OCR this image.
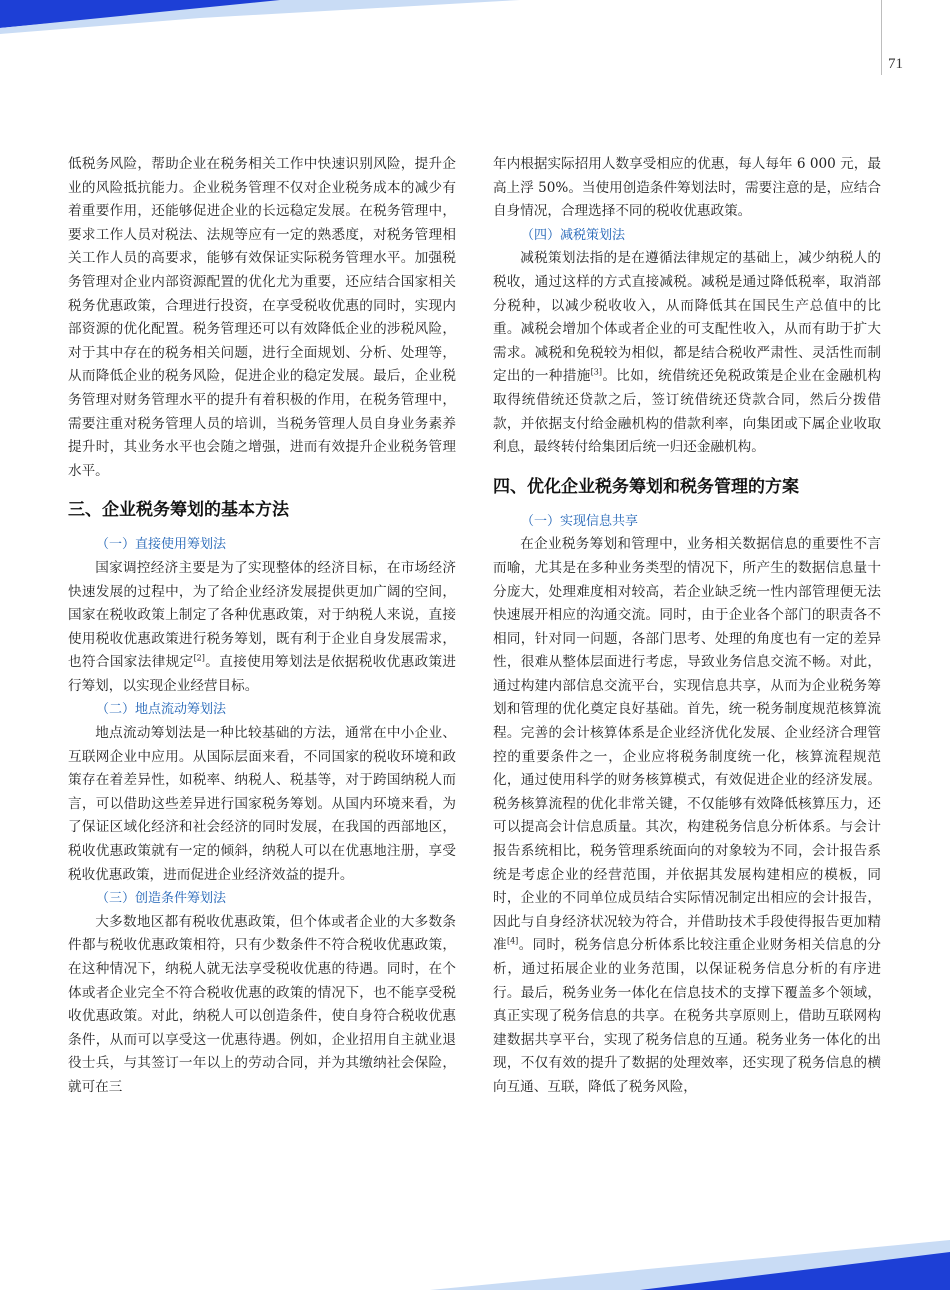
71

低税务风险，帮助企业在税务相关工作中快速识别风险，提升企业的风险抵抗能力。企业税务管理不仅对企业税务成本的减少有着重要作用，还能够促进企业的长远稳定发展。在税务管理中，要求工作人员对税法、法规等应有一定的熟悉度，对税务管理相关工作人员的高要求，能够有效保证实际税务管理水平。加强税务管理对企业内部资源配置的优化尤为重要，还应结合国家相关税务优惠政策，合理进行投资，在享受税收优惠的同时，实现内部资源的优化配置。税务管理还可以有效降低企业的涉税风险，对于其中存在的税务相关问题，进行全面规划、分析、处理等，从而降低企业的税务风险，促进企业的稳定发展。最后，企业税务管理对财务管理水平的提升有着积极的作用，在税务管理中，需要注重对税务管理人员的培训，当税务管理人员自身业务素养提升时，其业务水平也会随之增强，进而有效提升企业税务管理水平。

三、企业税务筹划的基本方法
（一）直接使用筹划法

国家调控经济主要是为了实现整体的经济目标，在市场经济快速发展的过程中，为了给企业经济发展提供更加广阔的空间，国家在税收政策上制定了各种优惠政策，对于纳税人来说，直接使用税收优惠政策进行税务筹划，既有利于企业自身发展需求，也符合国家法律规定[2]。直接使用筹划法是依据税收优惠政策进行筹划，以实现企业经营目标。

（二）地点流动筹划法

地点流动筹划法是一种比较基础的方法，通常在中小企业、互联网企业中应用。从国际层面来看，不同国家的税收环境和政策存在着差异性，如税率、纳税人、税基等，对于跨国纳税人而言，可以借助这些差异进行国家税务筹划。从国内环境来看，为了保证区域化经济和社会经济的同时发展，在我国的西部地区，税收优惠政策就有一定的倾斜，纳税人可以在优惠地注册，享受税收优惠政策，进而促进企业经济效益的提升。

（三）创造条件筹划法

大多数地区都有税收优惠政策，但个体或者企业的大多数条件都与税收优惠政策相符，只有少数条件不符合税收优惠政策，在这种情况下，纳税人就无法享受税收优惠的待遇。同时，在个体或者企业完全不符合税收优惠的政策的情况下，也不能享受税收优惠政策。对此，纳税人可以创造条件，使自身符合税收优惠条件，从而可以享受这一优惠待遇。例如，企业招用自主就业退役士兵，与其签订一年以上的劳动合同，并为其缴纳社会保险，就可在三

年内根据实际招用人数享受相应的优惠，每人每年 6 000 元，最高上浮 50%。当使用创造条件筹划法时，需要注意的是，应结合自身情况，合理选择不同的税收优惠政策。

（四）减税策划法

减税策划法指的是在遵循法律规定的基础上，减少纳税人的税收，通过这样的方式直接减税。减税是通过降低税率，取消部分税种，以减少税收收入，从而降低其在国民生产总值中的比重。减税会增加个体或者企业的可支配性收入，从而有助于扩大需求。减税和免税较为相似，都是结合税收严肃性、灵活性而制定出的一种措施[3]。比如，统借统还免税政策是企业在金融机构取得统借统还贷款之后，签订统借统还贷款合同，然后分拨借款，并依据支付给金融机构的借款利率，向集团或下属企业收取利息，最终转付给集团后统一归还金融机构。

四、优化企业税务筹划和税务管理的方案
（一）实现信息共享

在企业税务筹划和管理中，业务相关数据信息的重要性不言而喻，尤其是在多种业务类型的情况下，所产生的数据信息量十分庞大，处理难度相对较高，若企业缺乏统一性内部管理便无法快速展开相应的沟通交流。同时，由于企业各个部门的职责各不相同，针对同一问题，各部门思考、处理的角度也有一定的差异性，很难从整体层面进行考虑，导致业务信息交流不畅。对此，通过构建内部信息交流平台，实现信息共享，从而为企业税务筹划和管理的优化奠定良好基础。首先，统一税务制度规范核算流程。完善的会计核算体系是企业经济优化发展、企业经济合理管控的重要条件之一，企业应将税务制度统一化，核算流程规范化，通过使用科学的财务核算模式，有效促进企业的经济发展。税务核算流程的优化非常关键，不仅能够有效降低核算压力，还可以提高会计信息质量。其次，构建税务信息分析体系。与会计报告系统相比，税务管理系统面向的对象较为不同，会计报告系统是考虑企业的经营范围，并依据其发展构建相应的模板，同时，企业的不同单位成员结合实际情况制定出相应的会计报告，因此与自身经济状况较为符合，并借助技术手段使得报告更加精准[4]。同时，税务信息分析体系比较注重企业财务相关信息的分析，通过拓展企业的业务范围，以保证税务信息分析的有序进行。最后，税务业务一体化在信息技术的支撑下覆盖多个领域，真正实现了税务信息的共享。在税务共享原则上，借助互联网构建数据共享平台，实现了税务信息的互通。税务业务一体化的出现，不仅有效的提升了数据的处理效率，还实现了税务信息的横向互通、互联，降低了税务风险，
